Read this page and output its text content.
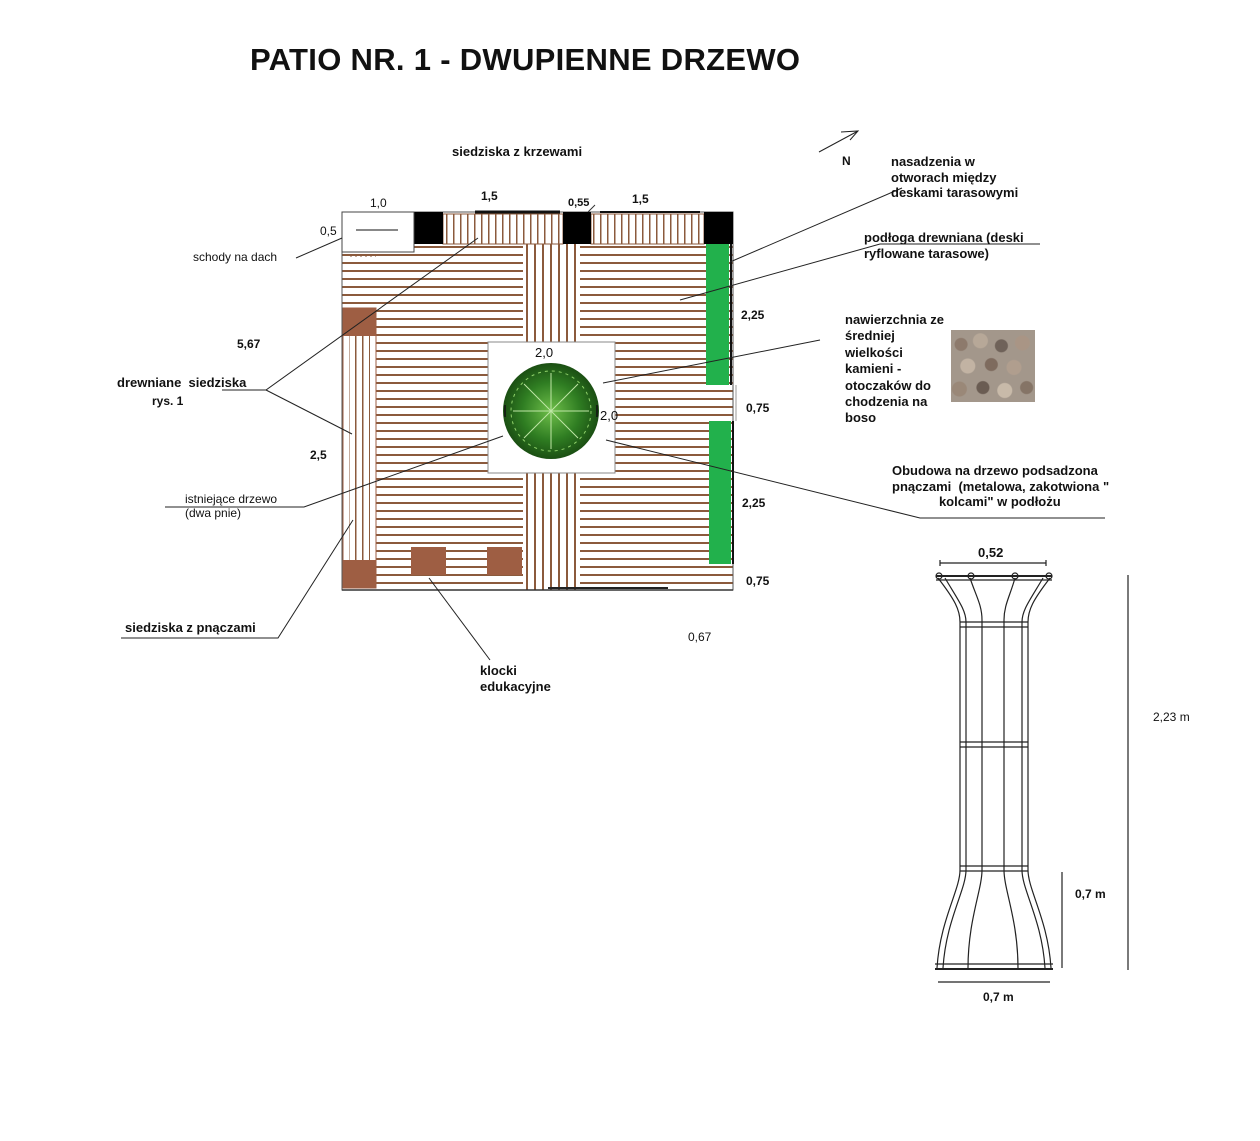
PATIO NR. 1 - DWUPIENNE DRZEWO
N
siedziska z krzewami
nasadzenia w
otworach między
deskami tarasowymi
podłoga drewniana (deski
ryflowane tarasowe)
nawierzchnia ze
średniej
wielkości
kamieni -
otoczaków do
chodzenia na
boso
Obudowa na drzewo podsadzona
pnączami  (metalowa, zakotwiona "
kolcami" w podłożu
schody na dach
drewniane  siedziska
rys. 1
istniejące drzewo
(dwa pnie)
siedziska z pnączami
klocki
edukacyjne
1,0	1,5	0,55	1,5
0,5
5,67
2,5
2,25
0,75
2,25
0,75
0,67
2,0
2,0
0,52
2,23 m
0,7 m
0,7 m
